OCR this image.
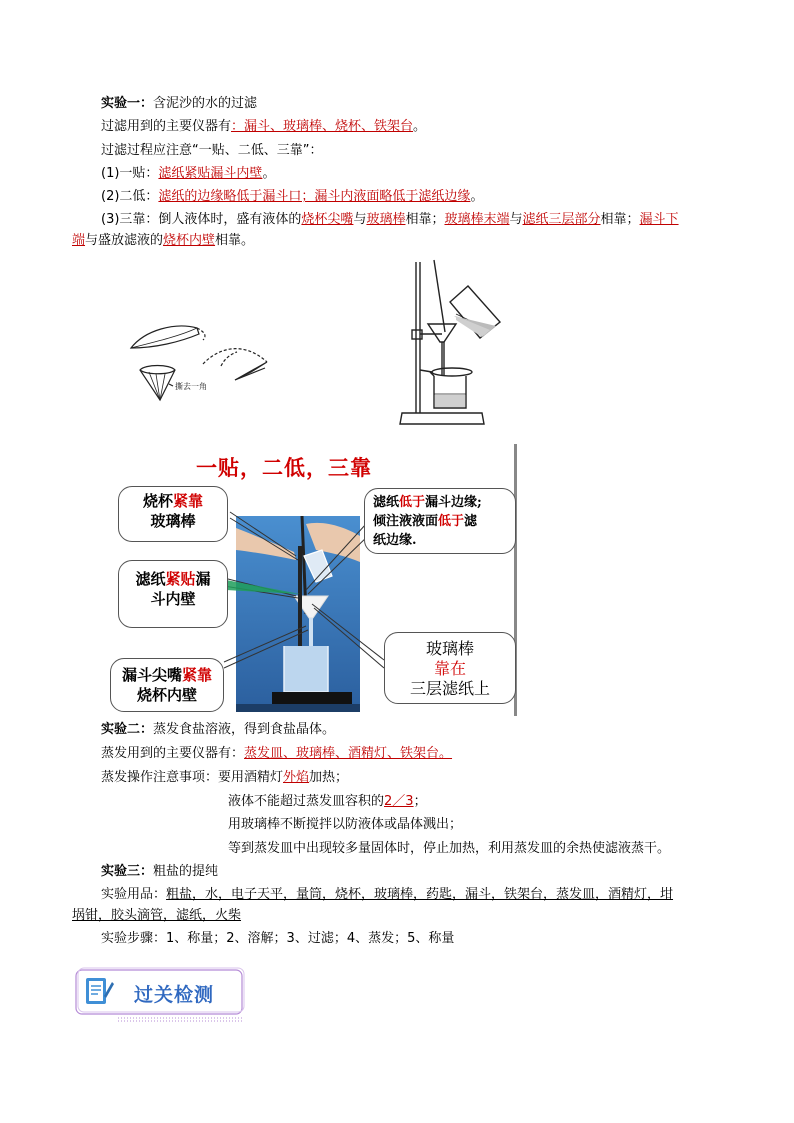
实验一：含泥沙的水的过滤
过滤用到的主要仪器有：漏斗、玻璃棒、烧杯、铁架台。
过滤过程应注意“一贴、二低、三靠”：
(1)一贴：滤纸紧贴漏斗内壁。
(2)二低：滤纸的边缘略低于漏斗口；漏斗内液面略低于滤纸边缘。
(3)三靠：倒人液体时，盛有液体的烧杯尖嘴与玻璃棒相靠；玻璃棒末端与滤纸三层部分相靠；漏斗下
端与盛放滤液的烧杯内壁相靠。
撕去一角
一贴，二低，三靠
烧杯紧靠
玻璃棒
滤纸紧贴漏
斗内壁
漏斗尖嘴紧靠
烧杯内壁
滤纸低于漏斗边缘;
倾注液液面低于滤
纸边缘.
玻璃棒
靠在
三层滤纸上
实验二：蒸发食盐溶液，得到食盐晶体。
蒸发用到的主要仪器有：蒸发皿、玻璃棒、酒精灯、铁架台。
蒸发操作注意事项：要用酒精灯外焰加热；
液体不能超过蒸发皿容积的2／3；
用玻璃棒不断搅拌以防液体或晶体溅出；
等到蒸发皿中出现较多量固体时，停止加热，利用蒸发皿的余热使滤液蒸干。
实验三：粗盐的提纯
实验用品：粗盐，水，电子天平，量筒，烧杯，玻璃棒，药匙，漏斗，铁架台，蒸发皿，酒精灯，坩
埚钳，胶头滴管，滤纸，火柴
实验步骤：1、称量；2、溶解；3、过滤；4、蒸发；5、称量
过关检测
